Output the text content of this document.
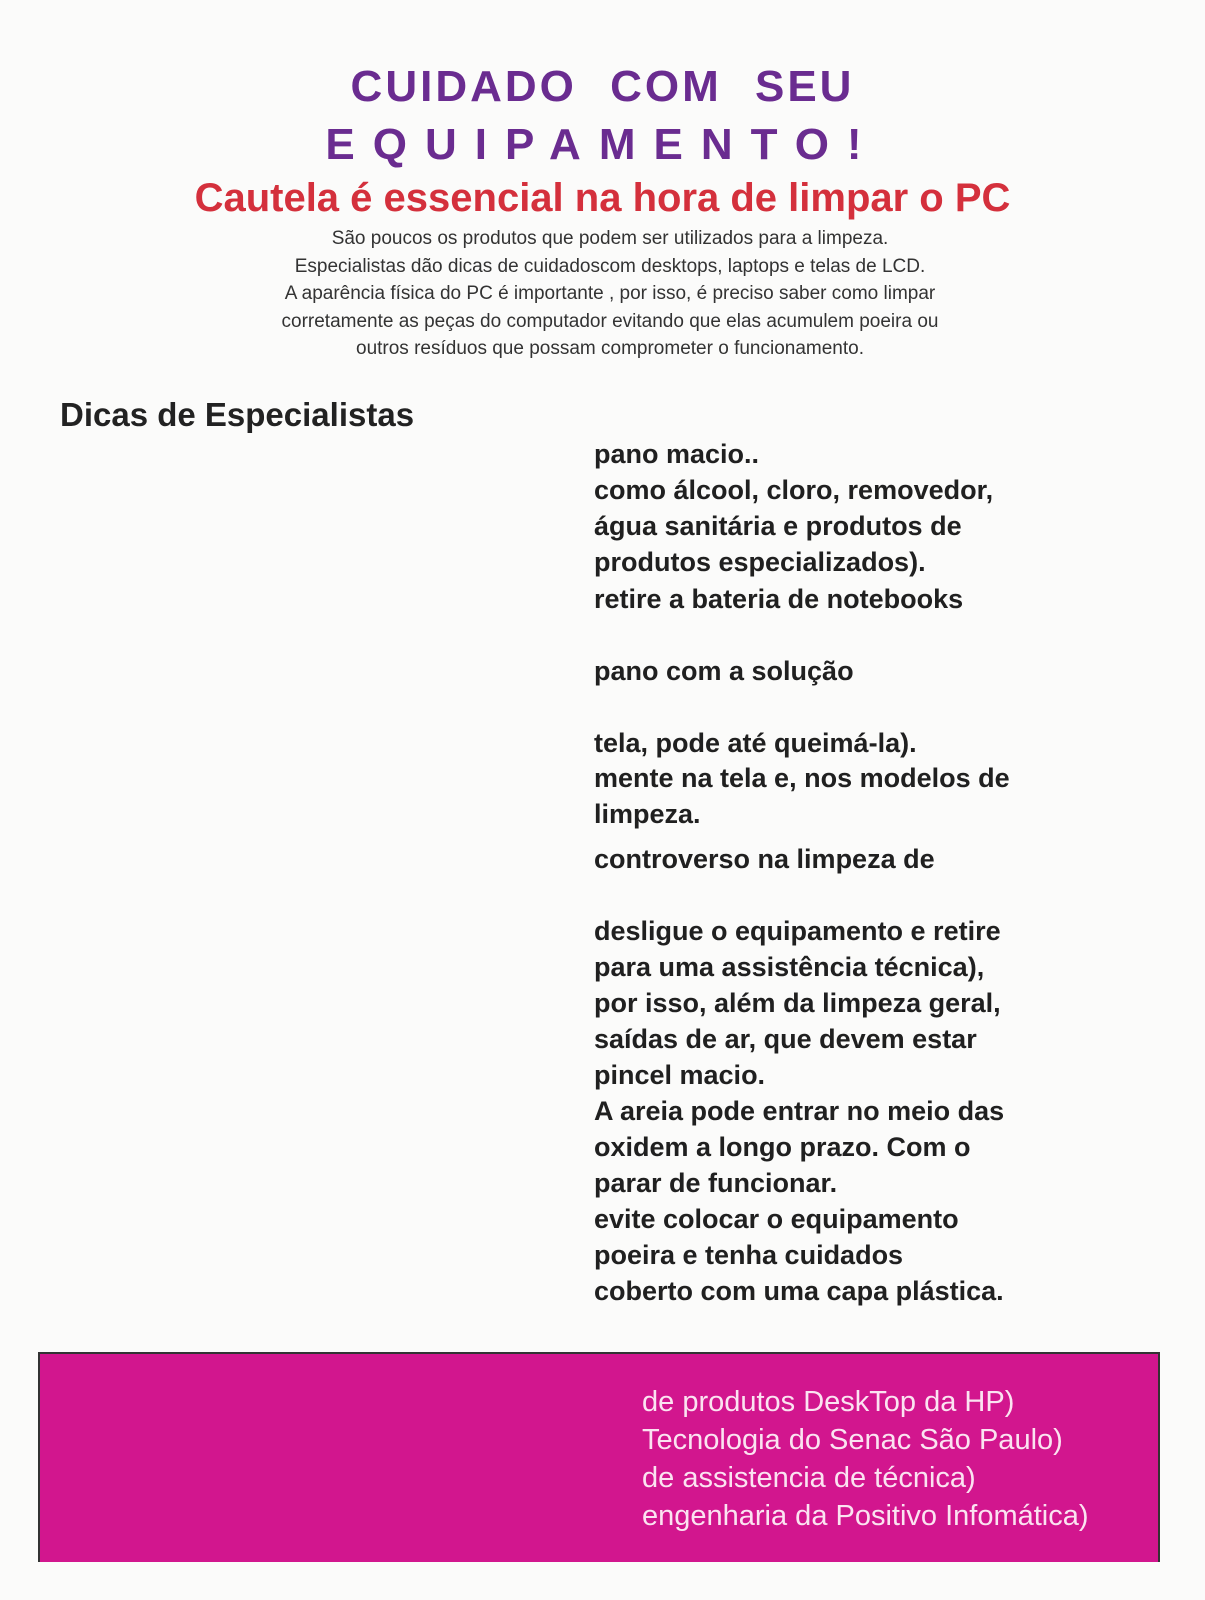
CUIDADO COM SEU
EQUIPAMENTO!
Cautela é essencial na hora de limpar o PC

São poucos os produtos que podem ser utilizados para a limpeza.

Especialistas dão dicas de cuidadoscom desktops, laptops e telas de LCD.

A aparência física do PC é importante , por isso, é preciso saber como limpar

corretamente as peças do computador evitando que elas acumulem poeira ou

outros resíduos que possam comprometer o funcionamento.

Dicas de Especialistas
pano macio..
como álcool, cloro, removedor,
água sanitária e produtos de
produtos especializados).
retire a bateria de notebooks
pano com a solução
tela, pode até queimá-la).
mente na tela e, nos modelos de
limpeza.
controverso na limpeza de
desligue o equipamento e retire
para uma assistência técnica),
por isso, além da limpeza geral,
saídas de ar, que devem estar
pincel macio.
A areia pode entrar no meio das
oxidem a longo prazo. Com o
parar de funcionar.
evite colocar o equipamento
poeira e tenha cuidados
coberto com uma capa plástica.
de produtos DeskTop da HP)
Tecnologia do Senac São Paulo)
de assistencia de técnica)
engenharia da Positivo Infomática)
